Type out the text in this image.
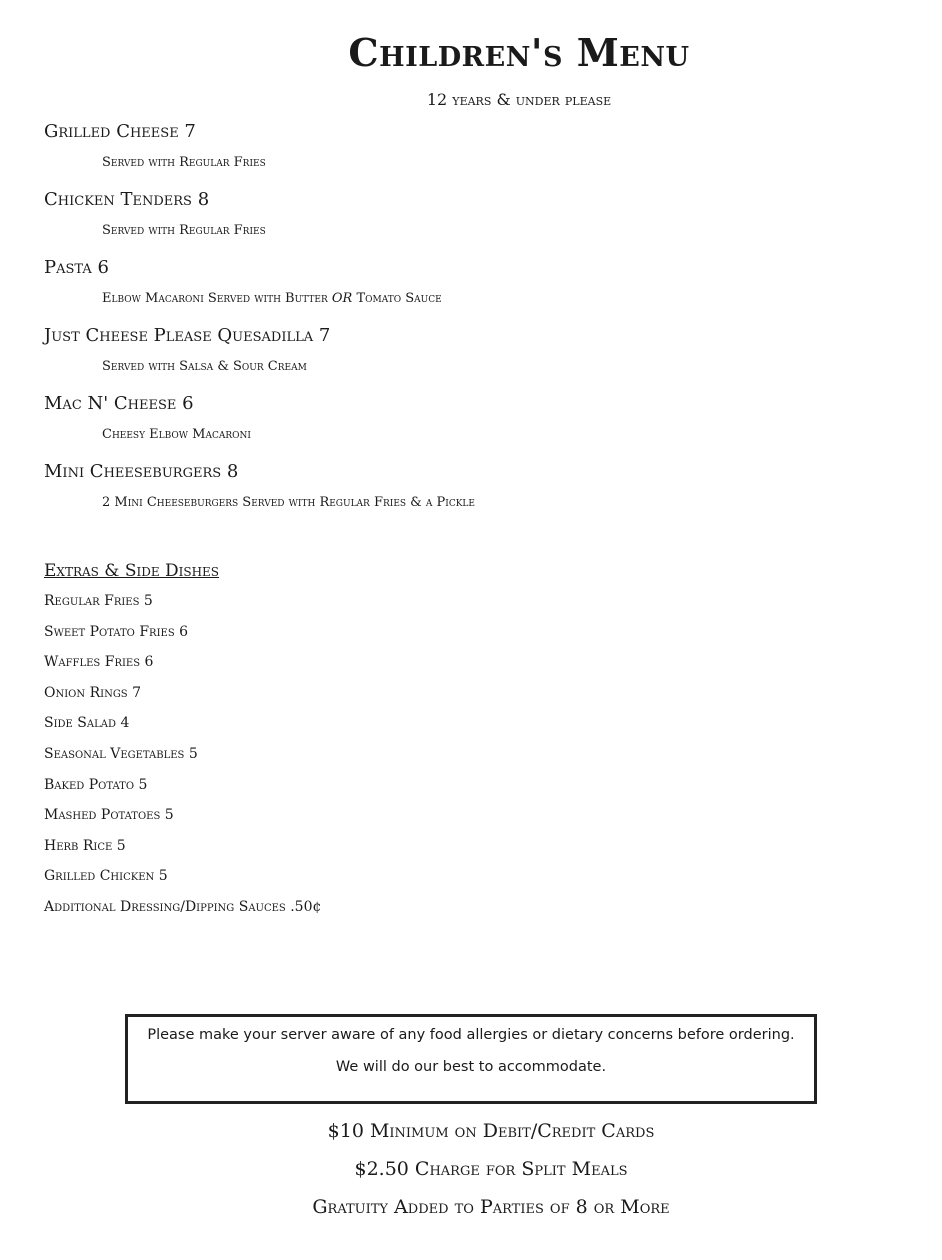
Children's Menu
12 years & under please
Grilled Cheese 7
Served with Regular Fries
Chicken Tenders 8
Served with Regular Fries
Pasta 6
Elbow Macaroni Served with Butter OR Tomato Sauce
Just Cheese Please Quesadilla 7
Served with Salsa & Sour Cream
Mac N' Cheese 6
Cheesy Elbow Macaroni
Mini Cheeseburgers 8
2 Mini Cheeseburgers Served with Regular Fries & a Pickle
Extras & Side Dishes
Regular Fries 5
Sweet Potato Fries 6
Waffles Fries 6
Onion Rings 7
Side Salad 4
Seasonal Vegetables 5
Baked Potato 5
Mashed Potatoes 5
Herb Rice 5
Grilled Chicken 5
Additional Dressing/Dipping Sauces .50¢
Please make your server aware of any food allergies or dietary concerns before ordering.
We will do our best to accommodate.
$10 Minimum on Debit/Credit Cards
$2.50 Charge for Split Meals
Gratuity Added to Parties of 8 or More
